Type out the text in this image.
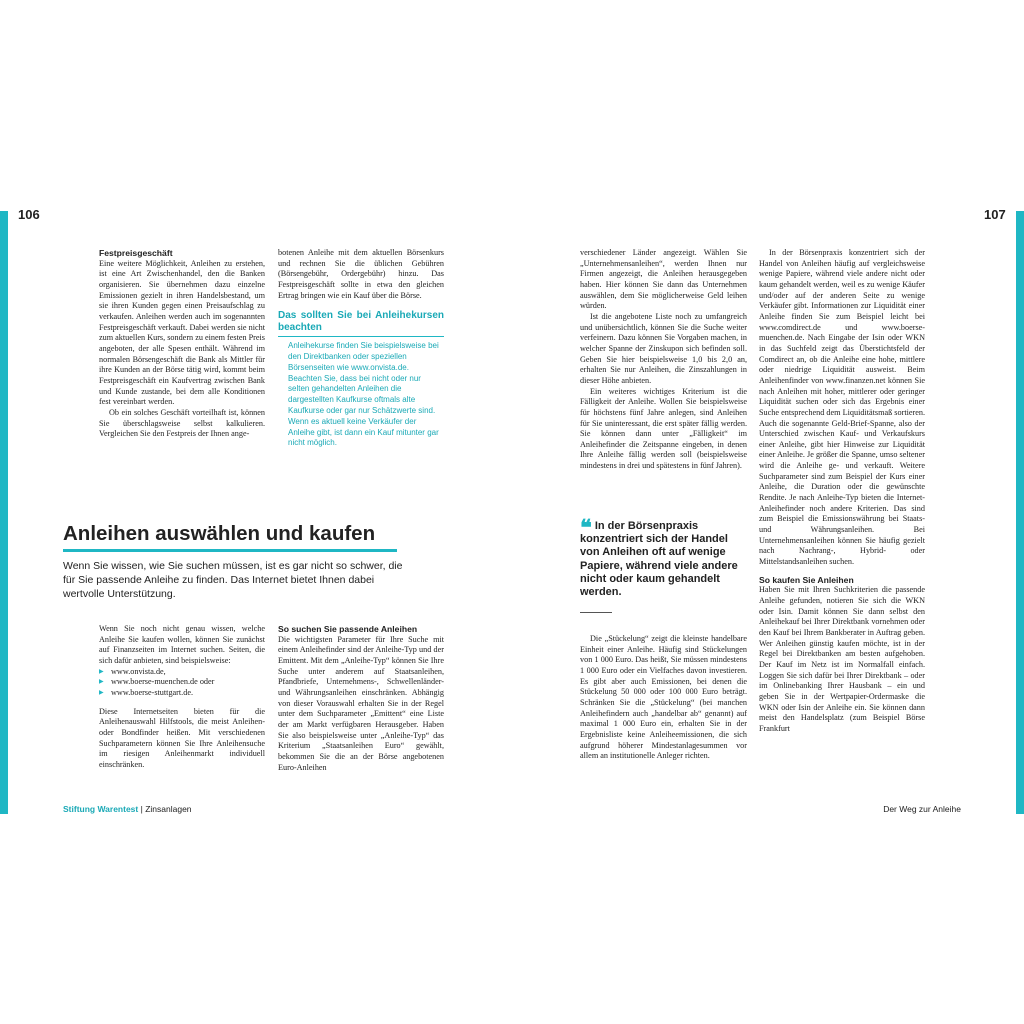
106	107

Festpreisgeschäft

Eine weitere Möglichkeit, Anleihen zu erstehen, ist eine Art Zwischenhandel, den die Banken organisieren. Sie übernehmen dazu einzelne Emissionen gezielt in ihren Handelsbestand, um sie ihren Kunden gegen einen Preisaufschlag zu verkaufen. Anleihen werden auch im sogenannten Festpreisgeschäft verkauft. Dabei werden sie nicht zum aktuellen Kurs, sondern zu einem festen Preis angeboten, der alle Spesen enthält. Während im normalen Börsengeschäft die Bank als Mittler für ihre Kunden an der Börse tätig wird, kommt beim Festpreisgeschäft ein Kaufvertrag zwischen Bank und Kunde zustande, bei dem alle Konditionen fest vereinbart werden.

Ob ein solches Geschäft vorteilhaft ist, können Sie überschlagsweise selbst kalkulieren. Vergleichen Sie den Festpreis der Ihnen ange-

botenen Anleihe mit dem aktuellen Börsenkurs und rechnen Sie die üblichen Gebühren (Börsengebühr, Ordergebühr) hinzu. Das Festpreisgeschäft sollte in etwa den gleichen Ertrag bringen wie ein Kauf über die Börse.

Das sollten Sie bei Anleihekursen beachten

Anleihekurse finden Sie beispielsweise bei den Direktbanken oder speziellen Börsenseiten wie www.onvista.de. Beachten Sie, dass bei nicht oder nur selten gehandelten Anleihen die dargestellten Kaufkurse oftmals alte Kaufkurse oder gar nur Schätzwerte sind. Wenn es aktuell keine Verkäufer der Anleihe gibt, ist dann ein Kauf mitunter gar nicht möglich.

Anleihen auswählen und kaufen
Wenn Sie wissen, wie Sie suchen müssen, ist es gar nicht so schwer, die für Sie passende Anleihe zu finden. Das Internet bietet Ihnen dabei wertvolle Unterstützung.

Wenn Sie noch nicht genau wissen, welche Anleihe Sie kaufen wollen, können Sie zunächst auf Finanzseiten im Internet suchen. Seiten, die sich dafür anbieten, sind beispielsweise:

▶ www.onvista.de,
▶ www.boerse-muenchen.de oder
▶ www.boerse-stuttgart.de.

Diese Internetseiten bieten für die Anleihenauswahl Hilfstools, die meist Anleihen- oder Bondfinder heißen. Mit verschiedenen Suchparametern können Sie Ihre Anleihensuche im riesigen Anleihenmarkt individuell einschränken.

So suchen Sie passende Anleihen

Die wichtigsten Parameter für Ihre Suche mit einem Anleihefinder sind der Anleihe-Typ und der Emittent. Mit dem „Anleihe-Typ“ können Sie Ihre Suche unter anderem auf Staatsanleihen, Pfandbriefe, Unternehmens-, Schwellenländer- und Währungsanleihen einschränken. Abhängig von dieser Vorauswahl erhalten Sie in der Regel unter dem Suchparameter „Emittent“ eine Liste der am Markt verfügbaren Herausgeber. Haben Sie also beispielsweise unter „Anleihe-Typ“ das Kriterium „Staatsanleihen Euro“ gewählt, bekommen Sie die an der Börse angebotenen Euro-Anleihen

Stiftung Warentest | Zinsanlagen

verschiedener Länder angezeigt. Wählen Sie „Unternehmensanleihen“, werden Ihnen nur Firmen angezeigt, die Anleihen herausgegeben haben. Hier können Sie dann das Unternehmen auswählen, dem Sie möglicherweise Geld leihen würden.

Ist die angebotene Liste noch zu umfangreich und unübersichtlich, können Sie die Suche weiter verfeinern. Dazu können Sie Vorgaben machen, in welcher Spanne der Zinskupon sich befinden soll. Geben Sie hier beispielsweise 1,0 bis 2,0 an, erhalten Sie nur Anleihen, die Zinszahlungen in dieser Höhe anbieten.

Ein weiteres wichtiges Kriterium ist die Fälligkeit der Anleihe. Wollen Sie beispielsweise für höchstens fünf Jahre anlegen, sind Anleihen für Sie uninteressant, die erst später fällig werden. Sie können dann unter „Fälligkeit“ im Anleihefinder die Zeitspanne eingeben, in denen Ihre Anleihe fällig werden soll (beispielsweise mindestens in drei und spätestens in fünf Jahren).

❝ In der Börsenpraxis konzentriert sich der Handel von Anleihen oft auf wenige Papiere, während viele andere nicht oder kaum gehandelt werden.

Die „Stückelung“ zeigt die kleinste handelbare Einheit einer Anleihe. Häufig sind Stückelungen von 1 000 Euro. Das heißt, Sie müssen mindestens 1 000 Euro oder ein Vielfaches davon investieren. Es gibt aber auch Emissionen, bei denen die Stückelung 50 000 oder 100 000 Euro beträgt. Schränken Sie die „Stückelung“ (bei manchen Anleihefindern auch „handelbar ab“ genannt) auf maximal 1 000 Euro ein, erhalten Sie in der Ergebnisliste keine Anleiheemissionen, die sich aufgrund höherer Mindestanlagesummen vor allem an institutionelle Anleger richten.

In der Börsenpraxis konzentriert sich der Handel von Anleihen häufig auf vergleichsweise wenige Papiere, während viele andere nicht oder kaum gehandelt werden, weil es zu wenige Käufer und/oder auf der anderen Seite zu wenige Verkäufer gibt. Informationen zur Liquidität einer Anleihe finden Sie zum Beispiel leicht bei www.comdirect.de und www.boerse-muenchen.de. Nach Eingabe der Isin oder WKN in das Suchfeld zeigt das Überstichtsfeld der Comdirect an, ob die Anleihe eine hohe, mittlere oder niedrige Liquidität ausweist. Beim Anleihenfinder von www.finanzen.net können Sie nach Anleihen mit hoher, mittlerer oder geringer Liquidität suchen oder sich das Ergebnis einer Suche entsprechend dem Liquiditätsmaß sortieren. Auch die sogenannte Geld-Brief-Spanne, also der Unterschied zwischen Kauf- und Verkaufskurs einer Anleihe, gibt hier Hinweise zur Liquidität einer Anleihe. Je größer die Spanne, umso seltener wird die Anleihe ge- und verkauft. Weitere Suchparameter sind zum Beispiel der Kurs einer Anleihe, die Duration oder die gewünschte Rendite. Je nach Anleihe-Typ bieten die Internet-Anleihefinder noch andere Kriterien. Das sind zum Beispiel die Emissionswährung bei Staats- und Währungsanleihen. Bei Unternehmensanleihen können Sie häufig gezielt nach Nachrang-, Hybrid- oder Mittelstandsanleihen suchen.

So kaufen Sie Anleihen

Haben Sie mit Ihren Suchkriterien die passende Anleihe gefunden, notieren Sie sich die WKN oder Isin. Damit können Sie dann selbst den Anleihekauf bei Ihrer Direktbank vornehmen oder den Kauf bei Ihrem Bankberater in Auftrag geben. Wer Anleihen günstig kaufen möchte, ist in der Regel bei Direktbanken am besten aufgehoben. Der Kauf im Netz ist im Normalfall einfach. Loggen Sie sich dafür bei Ihrer Direktbank – oder im Onlinebanking Ihrer Hausbank – ein und geben Sie in der Wertpapier-Ordermaske die WKN oder Isin der Anleihe ein. Sie können dann meist den Handelsplatz (zum Beispiel Börse Frankfurt

Der Weg zur Anleihe
